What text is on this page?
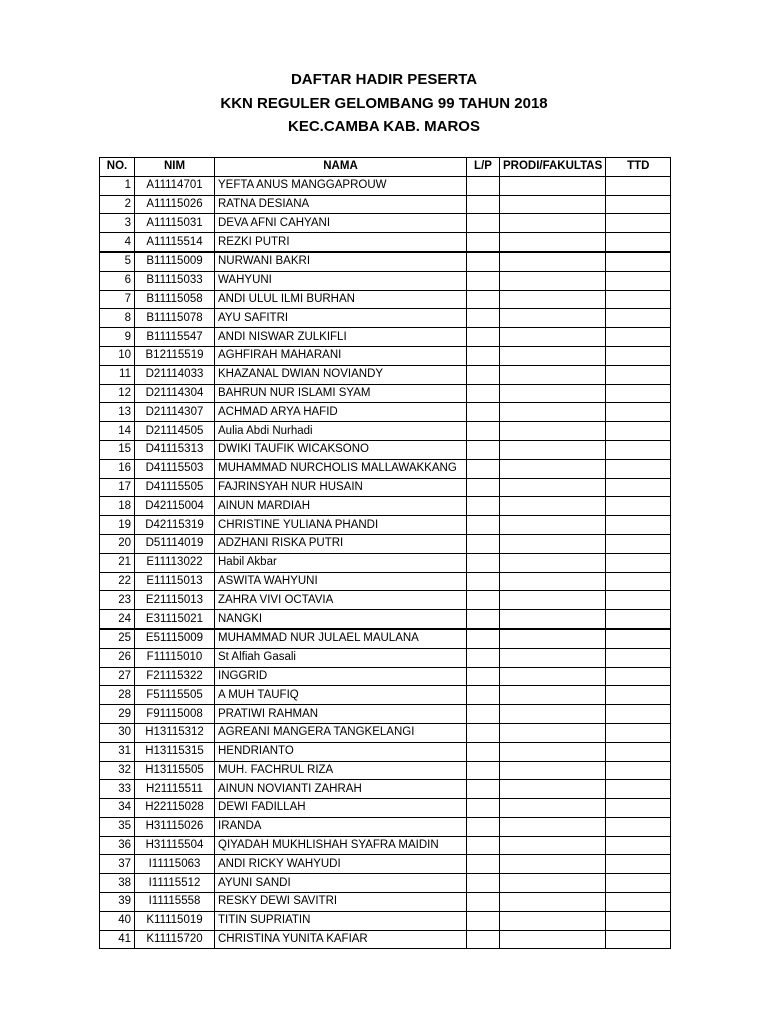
DAFTAR HADIR PESERTA
KKN REGULER GELOMBANG 99 TAHUN 2018
KEC.CAMBA KAB. MAROS
NO.	NIM	NAMA	L/P	PRODI/FAKULTAS	TTD
1	A11114701	YEFTA ANUS MANGGAPROUW			
2	A11115026	RATNA DESIANA			
3	A11115031	DEVA AFNI CAHYANI			
4	A11115514	REZKI PUTRI			
5	B11115009	NURWANI BAKRI			
6	B11115033	WAHYUNI			
7	B11115058	ANDI ULUL ILMI BURHAN			
8	B11115078	AYU SAFITRI			
9	B11115547	ANDI NISWAR ZULKIFLI			
10	B12115519	AGHFIRAH MAHARANI			
11	D21114033	KHAZANAL DWIAN NOVIANDY			
12	D21114304	BAHRUN NUR ISLAMI SYAM			
13	D21114307	ACHMAD ARYA HAFID			
14	D21114505	Aulia Abdi Nurhadi			
15	D41115313	DWIKI TAUFIK WICAKSONO			
16	D41115503	MUHAMMAD NURCHOLIS MALLAWAKKANG			
17	D41115505	FAJRINSYAH NUR HUSAIN			
18	D42115004	AINUN MARDIAH			
19	D42115319	CHRISTINE YULIANA PHANDI			
20	D51114019	ADZHANI RISKA PUTRI			
21	E11113022	Habil Akbar			
22	E11115013	ASWITA WAHYUNI			
23	E21115013	ZAHRA VIVI OCTAVIA			
24	E31115021	NANGKI			
25	E51115009	MUHAMMAD NUR JULAEL MAULANA			
26	F11115010	St Alfiah Gasali			
27	F21115322	INGGRID			
28	F51115505	A MUH TAUFIQ			
29	F91115008	PRATIWI RAHMAN			
30	H13115312	AGREANI MANGERA TANGKELANGI			
31	H13115315	HENDRIANTO			
32	H13115505	MUH. FACHRUL RIZA			
33	H21115511	AINUN NOVIANTI ZAHRAH			
34	H22115028	DEWI FADILLAH			
35	H31115026	IRANDA			
36	H31115504	QIYADAH MUKHLISHAH SYAFRA MAIDIN			
37	I11115063	ANDI RICKY WAHYUDI			
38	I11115512	AYUNI SANDI			
39	I11115558	RESKY DEWI SAVITRI			
40	K11115019	TITIN SUPRIATIN			
41	K11115720	CHRISTINA YUNITA KAFIAR			
